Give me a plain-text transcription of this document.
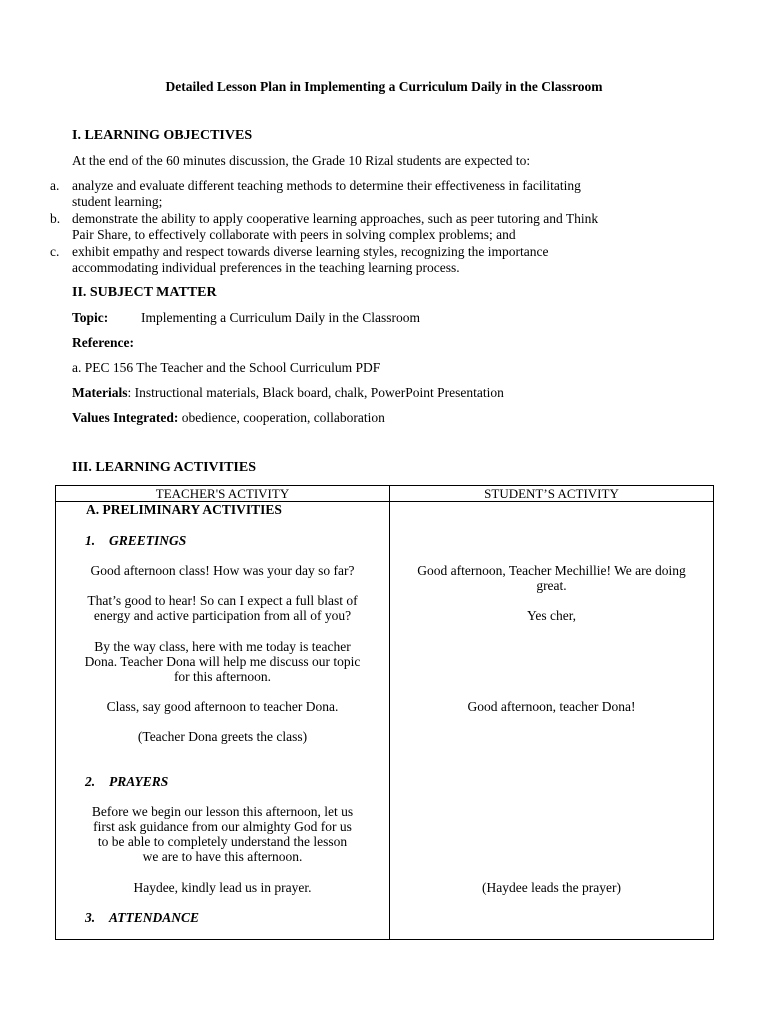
Detailed Lesson Plan in Implementing a Curriculum Daily in the Classroom
I. LEARNING OBJECTIVES
At the end of the 60 minutes discussion, the Grade 10 Rizal students are expected to:
a. analyze and evaluate different teaching methods to determine their effectiveness in facilitating
student learning;
b. demonstrate the ability to apply cooperative learning approaches, such as peer tutoring and Think
Pair Share, to effectively collaborate with peers in solving complex problems; and
c. exhibit empathy and respect towards diverse learning styles, recognizing the importance
accommodating individual preferences in the teaching learning process.
II. SUBJECT MATTER
Topic: Implementing a Curriculum Daily in the Classroom
Reference:
a. PEC 156 The Teacher and the School Curriculum PDF
Materials: Instructional materials, Black board, chalk, PowerPoint Presentation
Values Integrated: obedience, cooperation, collaboration
III. LEARNING ACTIVITIES
TEACHER'S ACTIVITY	STUDENT’S ACTIVITY
A. PRELIMINARY ACTIVITIES
1. GREETINGS
Good afternoon class! How was your day so far?	Good afternoon, Teacher Mechillie! We are doing
great.
That’s good to hear! So can I expect a full blast of
energy and active participation from all of you?	Yes cher,
By the way class, here with me today is teacher
Dona. Teacher Dona will help me discuss our topic
for this afternoon.
Class, say good afternoon to teacher Dona.	Good afternoon, teacher Dona!
(Teacher Dona greets the class)
2. PRAYERS
Before we begin our lesson this afternoon, let us
first ask guidance from our almighty God for us
to be able to completely understand the lesson
we are to have this afternoon.
Haydee, kindly lead us in prayer.	(Haydee leads the prayer)
3. ATTENDANCE
